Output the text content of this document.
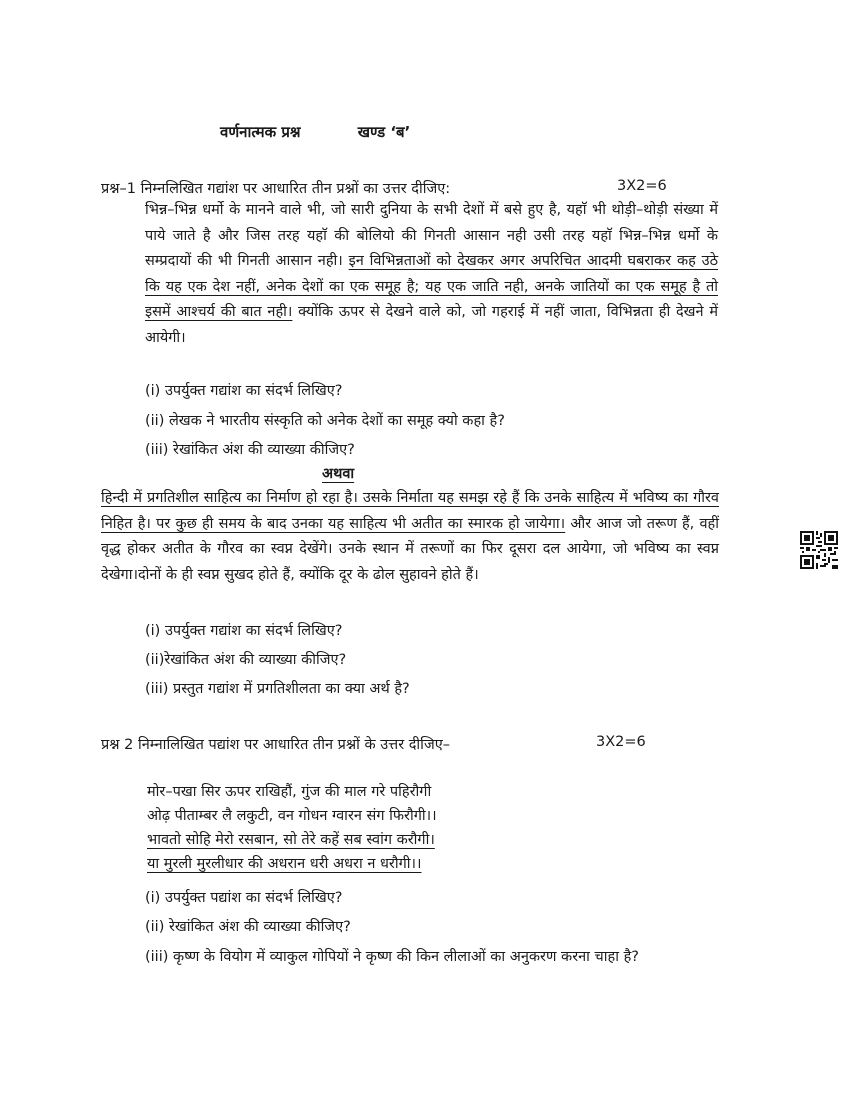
वर्णनात्मक प्रश्न	खण्ड ‘ब’
प्रश्न–1 निम्नलिखित गद्यांश पर आधारित तीन प्रश्नों का उत्तर दीजिए:	3X2=6
भिन्न–भिन्न धर्मो के मानने वाले भी, जो सारी दुनिया के सभी देशों में बसे हुए है, यहाॅ भी थोड़ी–थोड़ी संख्या में पाये जाते है और जिस तरह यहाॅ की बोलियो की गिनती आसान नही उसी तरह यहाॅ भिन्न–भिन्न धर्मो के सम्प्रदायों की भी गिनती आसान नही। इन विभिन्नताओं को देखकर अगर अपरिचित आदमी घबराकर कह उठे कि यह एक देश नहीं, अनेक देशों का एक समूह है; यह एक जाति नही, अनके जातियों का एक समूह है तो इसमें आश्चर्य की बात नही। क्योंकि ऊपर से देखने वाले को, जो गहराई में नहीं जाता, विभिन्नता ही देखने में आयेगी।
(i) उपर्युक्त गद्यांश का संदर्भ लिखिए?
(ii) लेखक ने भारतीय संस्कृति को अनेक देशों का समूह क्यो कहा है?
(iii) रेखांकित अंश की व्याख्या कीजिए?
अथवा
हिन्दी में प्रगतिशील साहित्य का निर्माण हो रहा है। उसके निर्माता यह समझ रहे हैं कि उनके साहित्य में भविष्य का गौरव निहित है। पर कुछ ही समय के बाद उनका यह साहित्य भी अतीत का स्मारक हो जायेगा। और आज जो तरूण हैं, वहीं वृद्ध होकर अतीत के गौरव का स्वप्न देखेंगे। उनके स्थान में तरूणों का फिर दूसरा दल आयेगा, जो भविष्य का स्वप्न देखेगा।दोनों के ही स्वप्न सुखद होते हैं, क्योंकि दूर के ढोल सुहावने होते हैं।
(i) उपर्युक्त गद्यांश का संदर्भ लिखिए?
(ii)रेखांकित अंश की व्याख्या कीजिए?
(iii) प्रस्तुत गद्यांश में प्रगतिशीलता का क्या अर्थ है?
प्रश्न 2 निम्नालिखित पद्यांश पर आधारित तीन प्रश्नों के उत्तर दीजिए–	3X2=6
मोर–पखा सिर ऊपर राखिहौं, गुंज की माल गरे पहिरौगी
ओढ़ पीताम्बर लै लकुटी, वन गोधन ग्वारन संग फिरौगी।।
भावतो सोहि मेरो रसबान, सो तेरे कहें सब स्वांग करौगी।
या मुरली मुरलीधार की अधरान धरी अधरा न धरौगी।।
(i) उपर्युक्त पद्यांश का संदर्भ लिखिए?
(ii) रेखांकित अंश की व्याख्या कीजिए?
(iii) कृष्ण के वियोग में व्याकुल गोपियों ने कृष्ण की किन लीलाओं का अनुकरण करना चाहा है?
